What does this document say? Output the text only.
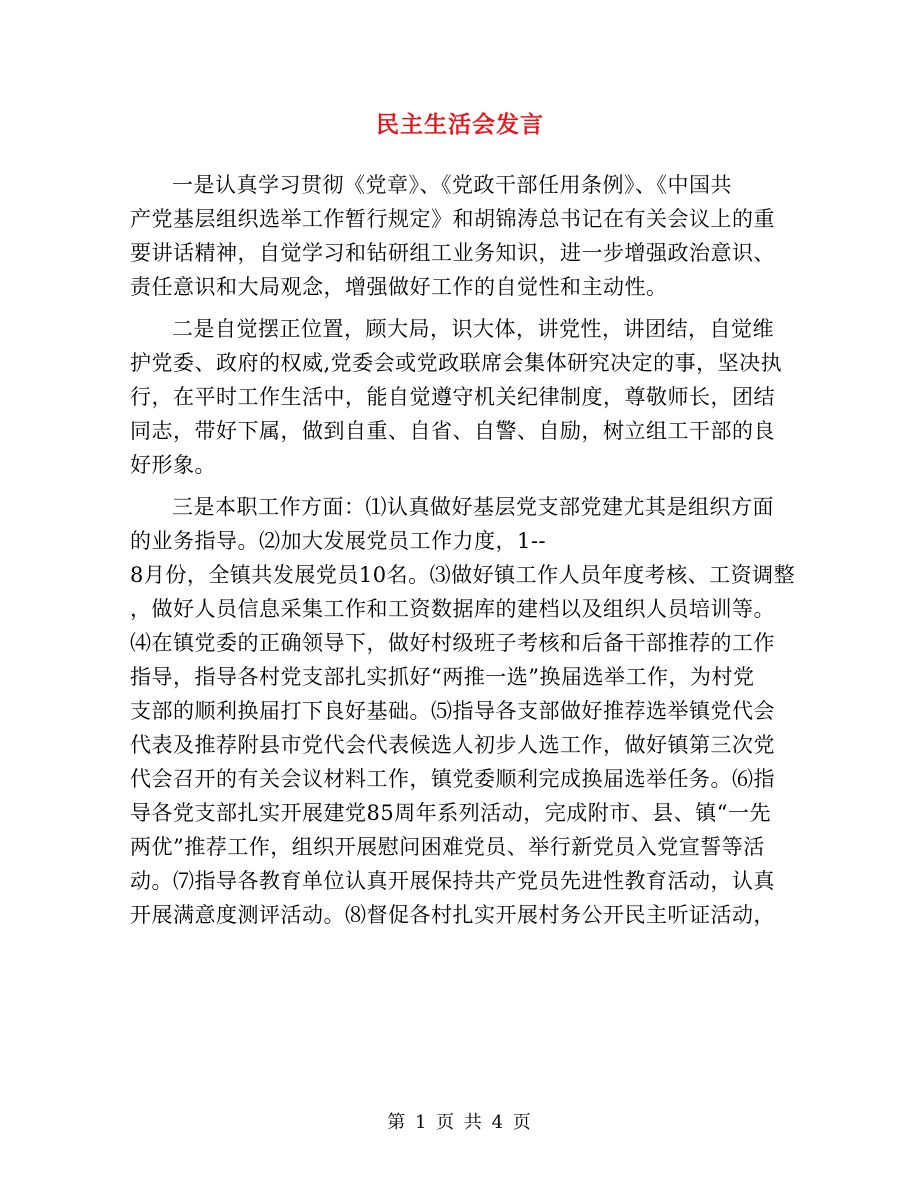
民主生活会发言
一是认真学习贯彻《党章》、《党政干部任用条例》、《中国共
产党基层组织选举工作暂行规定》和胡锦涛总书记在有关会议上的重
要讲话精神，自觉学习和钻研组工业务知识，进一步增强政治意识、
责任意识和大局观念，增强做好工作的自觉性和主动性。
二是自觉摆正位置，顾大局，识大体，讲党性，讲团结，自觉维
护党委、政府的权威,党委会或党政联席会集体研究决定的事，坚决执
行，在平时工作生活中，能自觉遵守机关纪律制度，尊敬师长，团结
同志，带好下属，做到自重、自省、自警、自励，树立组工干部的良
好形象。
三是本职工作方面：⑴认真做好基层党支部党建尤其是组织方面
的业务指导。⑵加大发展党员工作力度，1--
8月份，全镇共发展党员10名。⑶做好镇工作人员年度考核、工资调整
，做好人员信息采集工作和工资数据库的建档以及组织人员培训等。
⑷在镇党委的正确领导下，做好村级班子考核和后备干部推荐的工作
指导，指导各村党支部扎实抓好“两推一选”换届选举工作，为村党
支部的顺利换届打下良好基础。⑸指导各支部做好推荐选举镇党代会
代表及推荐附县市党代会代表候选人初步人选工作，做好镇第三次党
代会召开的有关会议材料工作，镇党委顺利完成换届选举任务。⑹指
导各党支部扎实开展建党85周年系列活动，完成附市、县、镇“一先
两优”推荐工作，组织开展慰问困难党员、举行新党员入党宣誓等活
动。⑺指导各教育单位认真开展保持共产党员先进性教育活动，认真
开展满意度测评活动。⑻督促各村扎实开展村务公开民主听证活动，
第 1 页 共 4 页
